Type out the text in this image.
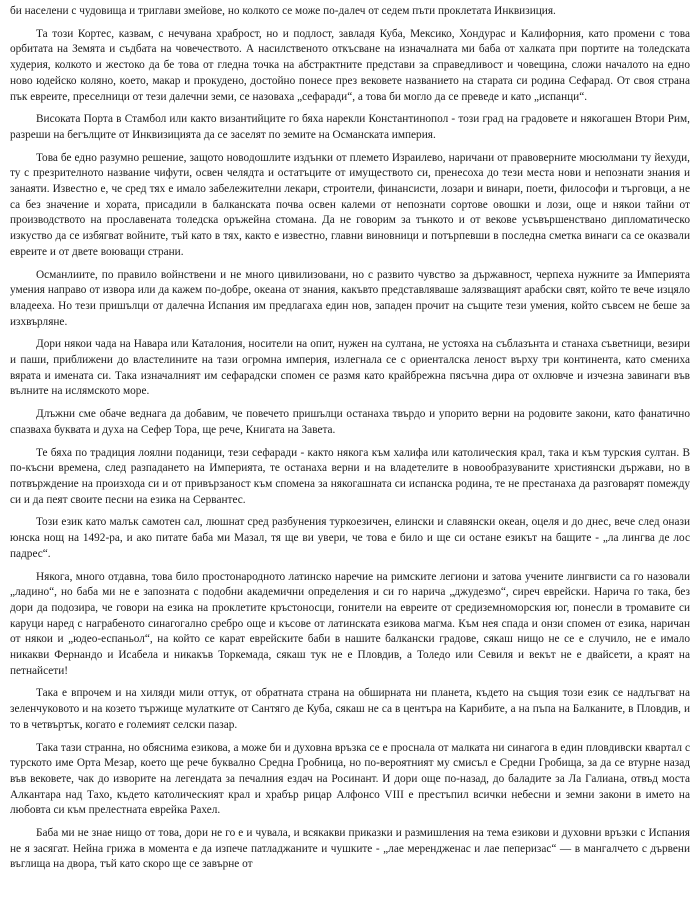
би населени с чудовища и триглави змейове, но колкото се може по-далеч от седем пъти проклетата Инквизиция.

Та този Кортес, казвам, с нечувана храброст, но и подлост, завладя Куба, Мексико, Хондурас и Калифорния, като промени с това орбитата на Земята и съдбата на човечеството. А насилственото откъсване на изначалната ми баба от халката при портите на толедската худерия, колкото и жестоко да бе това от гледна точка на абстрактните представи за справедливост и човещина, сложи началото на едно ново юдейско коляно, което, макар и прокудено, достойно понесе през вековете названието на старата си родина Сефарад. От своя страна пък евреите, преселници от тези далечни земи, се назоваха „сефаради“, а това би могло да се преведе и като „испанци“.

Високата Порта в Стамбол или както византийците го бяха нарекли Константинопол - този град на градовете и някогашен Втори Рим, разреши на бегълците от Инквизицията да се заселят по земите на Османската империя.

Това бе едно разумно решение, защото новодошлите издънки от племето Израилево, наричани от правоверните мюсюлмани ту йехуди, ту с презрителното название чифути, освен челядта и остатъците от имуществото си, пренесоха до тези места нови и непознати знания и занаяти. Известно е, че сред тях е имало забележителни лекари, строители, финансисти, лозари и винари, поети, философи и търговци, а не са без значение и хората, присадили в балканската почва освен калеми от непознати сортове овошки и лози, още и някои тайни от производството на прославената толедска оръжейна стомана. Да не говорим за тънкото и от векове усъвършенствано дипломатическо изкуство да се избягват войните, тъй като в тях, както е известно, главни виновници и потърпевши в последна сметка винаги са се оказвали евреите и от двете воюващи страни.

Османлиите, по правило войнствени и не много цивилизовани, но с развито чувство за държавност, черпеха нужните за Империята умения направо от извора или да кажем по-добре, океана от знания, какъвто представляваше залязващият арабски свят, който те вече изцяло владееха. Но тези пришълци от далечна Испания им предлагаха един нов, западен прочит на същите тези умения, който съвсем не беше за изхвърляне.

Дори някои чада на Навара или Каталония, носители на опит, нужен на султана, не устояха на съблазънта и станаха съветници, везири и паши, приближени до властелините на тази огромна империя, излегнала се с ориенталска леност върху три континента, като смениха вярата и имената си. Така изначалният им сефарадски спомен се размя като крайбрежна пясъчна дира от охлювче и изчезна завинаги във вълните на ислямското море.

Длъжни сме обаче веднага да добавим, че повечето пришълци останаха твърдо и упорито верни на родовите закони, като фанатично спазваха буквата и духа на Сефер Тора, ще рече, Книгата на Завета.

Те бяха по традиция лоялни поданици, тези сефаради - както някога към халифа или католическия крал, така и към турския султан. В по-късни времена, след разпадането на Империята, те останаха верни и на владетелите в новообразуваните християнски държави, но в потвърждение на произхода си и от привързаност към спомена за някогашната си испанска родина, те не престанаха да разговарят помежду си и да пеят своите песни на езика на Сервантес.

Този език като малък самотен сал, люшнат сред разбунения туркоезичен, елински и славянски океан, оцеля и до днес, вече след онази юнска нощ на 1492-ра, и ако питате баба ми Мазал, тя ще ви увери, че това е било и ще си остане езикът на бащите - „ла лингва де лос падрес“.

Някога, много отдавна, това било простонародното латинско наречие на римските легиони и затова учените лингвисти са го назовали „ладино“, но баба ми не е запозната с подобни академични определения и си го нарича „джудезмо“, сиреч еврейски. Нарича го така, без дори да подозира, че говори на езика на проклетите кръстоносци, гонители на евреите от средиземноморския юг, понесли в тромавите си каруци наред с награбеното синагогално сребро още и късове от латинската езикова магма. Към нея спада и онзи спомен от езика, наричан от някои и „юдео-еспаньол“, на който се карат еврейските баби в нашите балкански градове, сякаш нищо не се е случило, не е имало никакви Фернандо и Исабела и никакъв Торкемада, сякаш тук не е Пловдив, а Толедо или Севиля и векът не е двайсети, а краят на петнайсети!

Така е впрочем и на хиляди мили оттук, от обратната страна на обширната ни планета, където на същия този език се надлъгват на зеленчуковото и на козето тържище мулатките от Сантяго де Куба, сякаш не са в центъра на Карибите, а на пъпа на Балканите, в Пловдив, и то в четвъртък, когато е големият селски пазар.

Така тази странна, но обяснима езикова, а може би и духовна връзка се е проснала от малката ни синагога в един пловдивски квартал с турското име Орта Мезар, което ще рече буквално Средна Гробница, но по-вероятният му смисъл е Средни Гробища, за да се втурне назад във вековете, чак до изворите на легендата за печалния ездач на Росинант. И дори още по-назад, до баладите за Ла Галиана, отвъд моста Алкантара над Тахо, където католическият крал и храбър рицар Алфонсо VIII е престъпил всички небесни и земни закони в името на любовта си към прелестната еврейка Рахел.

Баба ми не знае нищо от това, дори не го е и чувала, и всякакви приказки и размишления на тема езикови и духовни връзки с Испания не я засягат. Нейна грижа в момента е да изпече патладжаните и чушките - „лае мерендженас и лае пеперизас“ — в мангалчето с дървени въглища на двора, тъй като скоро ще се завърне от
